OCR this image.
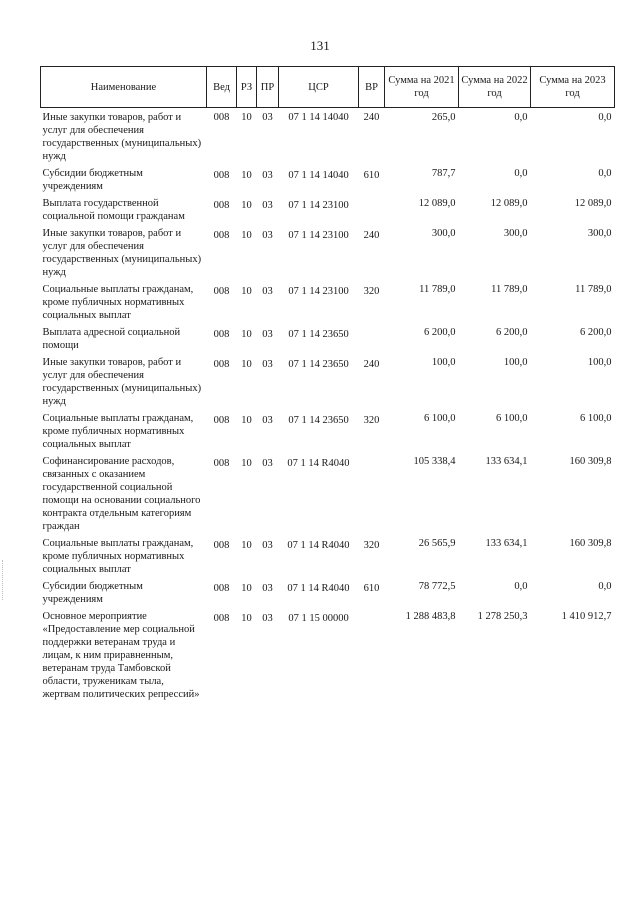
131
Наименование	Вед	РЗ	ПР	ЦСР	ВР	Сумма на 2021 год	Сумма на 2022 год	Сумма на 2023 год
Иные закупки товаров, работ и услуг для обеспечения государственных (муниципальных) нужд	008	10	03	07 1 14 14040	240	265,0	0,0	0,0
Субсидии бюджетным учреждениям	008	10	03	07 1 14 14040	610	787,7	0,0	0,0
Выплата государственной социальной помощи гражданам	008	10	03	07 1 14 23100		12 089,0	12 089,0	12 089,0
Иные закупки товаров, работ и услуг для обеспечения государственных (муниципальных) нужд	008	10	03	07 1 14 23100	240	300,0	300,0	300,0
Социальные выплаты гражданам, кроме публичных нормативных социальных выплат	008	10	03	07 1 14 23100	320	11 789,0	11 789,0	11 789,0
Выплата адресной социальной помощи	008	10	03	07 1 14 23650		6 200,0	6 200,0	6 200,0
Иные закупки товаров, работ и услуг для обеспечения государственных (муниципальных) нужд	008	10	03	07 1 14 23650	240	100,0	100,0	100,0
Социальные выплаты гражданам, кроме публичных нормативных социальных выплат	008	10	03	07 1 14 23650	320	6 100,0	6 100,0	6 100,0
Софинансирование расходов, связанных с оказанием государственной социальной помощи на основании социального контракта отдельным категориям граждан	008	10	03	07 1 14 R4040		105 338,4	133 634,1	160 309,8
Социальные выплаты гражданам, кроме публичных нормативных социальных выплат	008	10	03	07 1 14 R4040	320	26 565,9	133 634,1	160 309,8
Субсидии бюджетным учреждениям	008	10	03	07 1 14 R4040	610	78 772,5	0,0	0,0
Основное мероприятие «Предоставление мер социальной поддержки ветеранам труда и лицам, к ним приравненным, ветеранам труда Тамбовской области, труженикам тыла, жертвам политических репрессий»	008	10	03	07 1 15 00000		1 288 483,8	1 278 250,3	1 410 912,7
